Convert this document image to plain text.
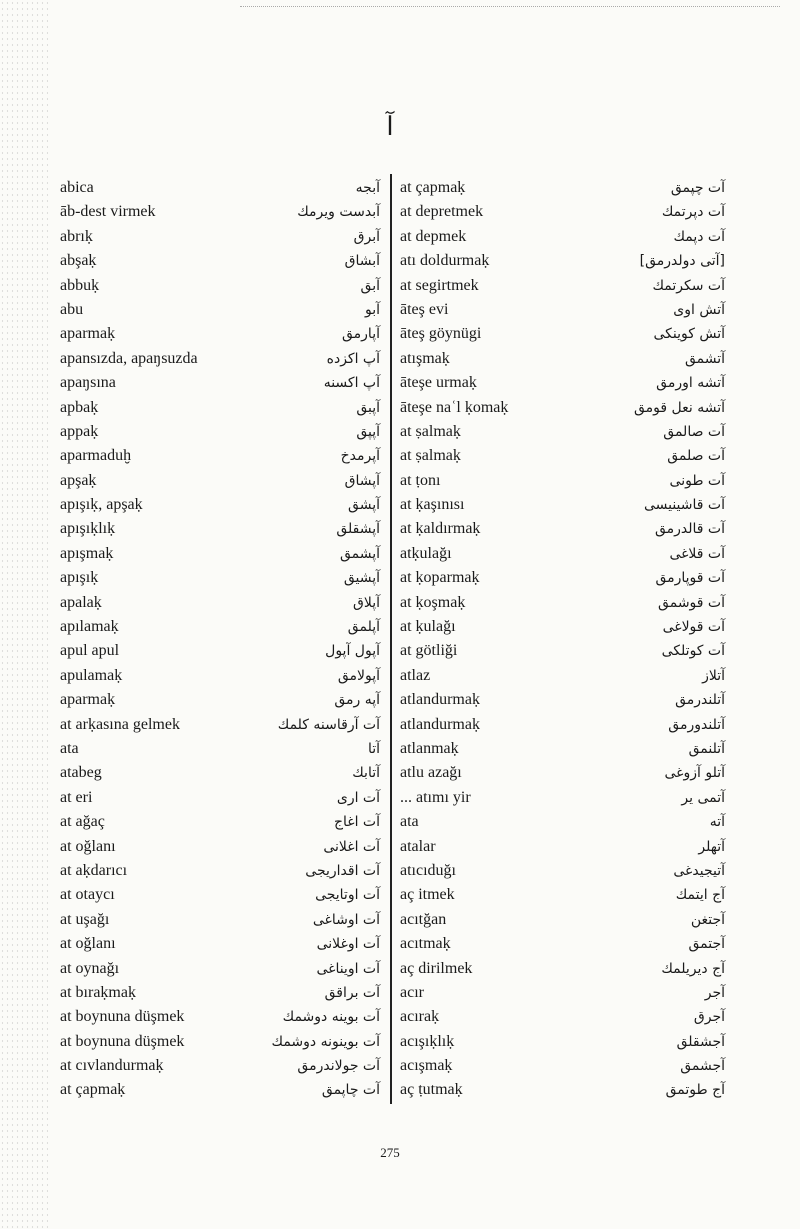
آ
abica	آبجه
āb-dest virmek	آبدست ویرمك
abrıḳ	آبرق
abşaḳ	آبشاق
abbuḳ	آبق
abu	آبو
aparmaḳ	آپارمق
apansızda, apaŋsuzda	آپ اکزده
apaŋsına	آپ اکسنه
apbaḳ	آپبق
appaḳ	آپپق
aparmaduḫ	آپرمدخ
apşaḳ	آپشاق
apışıḳ, apşaḳ	آپشق
apışıḳlıḳ	آپشقلق
apışmaḳ	آپشمق
apışıḳ	آپشیق
apalaḳ	آپلاق
apılamaḳ	آپلمق
apul apul	آپول آپول
apulamaḳ	آپولامق
aparmaḳ	آپه رمق
at arḳasına gelmek	آت آرقاسنه کلمك
ata	آتا
atabeg	آتابك
at eri	آت اری
at ağaç	آت اغاج
at oğlanı	آت اغلانی
at aḳdarıcı	آت اقداریجی
at otaycı	آت اوتایجی
at uşağı	آت اوشاغی
at oğlanı	آت اوغلانی
at oynağı	آت اویناغی
at bıraḳmaḳ	آت براقق
at boynuna düşmek	آت بوینه دوشمك
at boynuna düşmek	آت بوینونه دوشمك
at cıvlandurmaḳ	آت جولاندرمق
at çapmaḳ	آت چاپمق
at çapmaḳ	آت چپمق
at depretmek	آت دپرتمك
at depmek	آت دپمك
atı doldurmaḳ	[آتی دولدرمق]
at segirtmek	آت سکرتمك
āteş evi	آتش اوی
āteş göynügi	آتش کوینکی
atışmaḳ	آتشمق
āteşe urmaḳ	آتشه اورمق
āteşe naʿl ḳomaḳ	آتشه نعل قومق
at ṣalmaḳ	آت صالمق
at ṣalmaḳ	آت صلمق
at ṭonı	آت طونی
at ḳaşınısı	آت قاشینیسی
at ḳaldırmaḳ	آت قالدرمق
atḳulağı	آت قلاغی
at ḳoparmaḳ	آت قوپارمق
at ḳoşmaḳ	آت قوشمق
at ḳulağı	آت قولاغی
at götliği	آت کوتلکی
atlaz	آتلاز
atlandurmaḳ	آتلندرمق
atlandurmaḳ	آتلندورمق
atlanmaḳ	آتلنمق
atlu azağı	آتلو آزوغی
... atımı yir	آتمی یر
ata	آته
atalar	آتهلر
atıcıduğı	آتیجیدغی
aç itmek	آج ایتمك
acıtğan	آجتغن
acıtmaḳ	آجتمق
aç dirilmek	آج دیریلمك
acır	آجر
acıraḳ	آجرق
acışıḳlıḳ	آجشقلق
acışmaḳ	آجشمق
aç ṭutmaḳ	آج طوتمق
275
